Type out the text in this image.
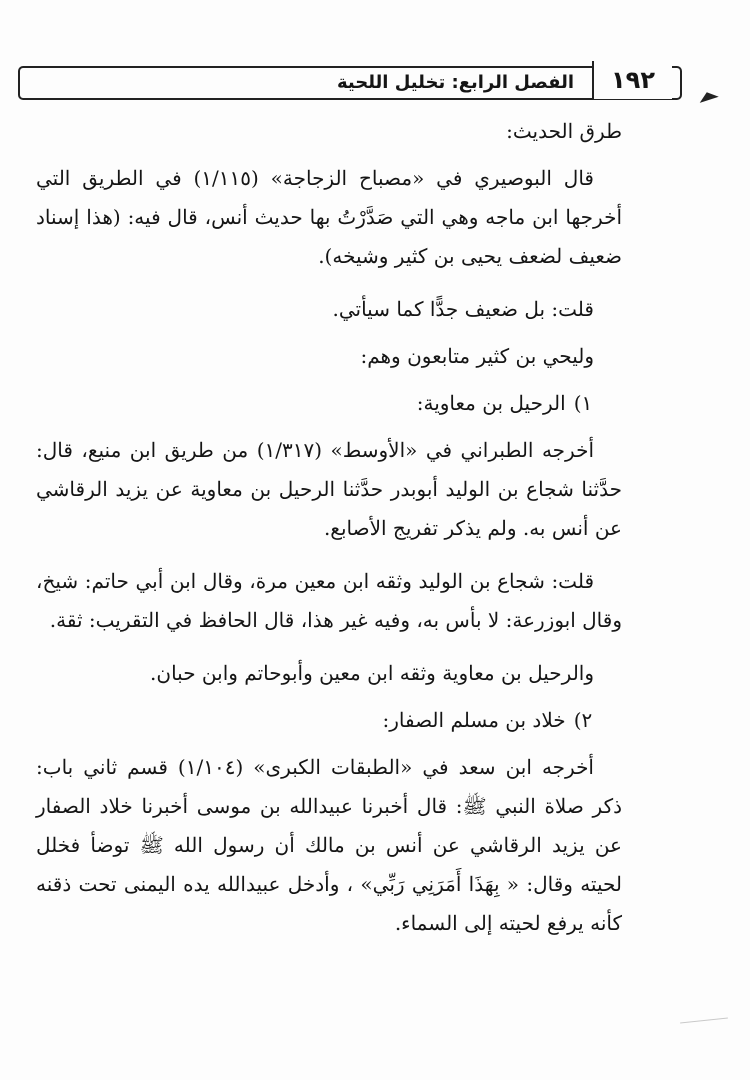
١٩٢
الفصل الرابع: تخليل اللحية

طرق الحديث:

قال البوصيري في «مصباح الزجاجة» (١/١١٥) في الطريق التي أخرجها ابن ماجه وهي التي صَدَّرْتُ بها حديث أنس، قال فيه: (هذا إسناد ضعيف لضعف يحيى بن كثير وشيخه).

قلت: بل ضعيف جدًّا كما سيأتي.

وليحي بن كثير متابعون وهم:

١) الرحيل بن معاوية:

أخرجه الطبراني في «الأوسط» (١/٣١٧) من طريق ابن منيع، قال: حدَّثنا شجاع بن الوليد أبوبدر حدَّثنا الرحيل بن معاوية عن يزيد الرقاشي عن أنس به. ولم يذكر تفريج الأصابع.

قلت: شجاع بن الوليد وثقه ابن معين مرة، وقال ابن أبي حاتم: شيخ، وقال ابوزرعة: لا بأس به، وفيه غير هذا، قال الحافظ في التقريب: ثقة.

والرحيل بن معاوية وثقه ابن معين وأبوحاتم وابن حبان.

٢) خلاد بن مسلم الصفار:

أخرجه ابن سعد في «الطبقات الكبرى» (١/١٠٤) قسم ثاني باب: ذكر صلاة النبي ﷺ: قال أخبرنا عبيدالله بن موسى أخبرنا خلاد الصفار عن يزيد الرقاشي عن أنس بن مالك أن رسول الله ﷺ توضأ فخلل لحيته وقال: « بِهَذَا أَمَرَنِي رَبِّي» ، وأدخل عبيدالله يده اليمنى تحت ذقنه كأنه يرفع لحيته إلى السماء.
